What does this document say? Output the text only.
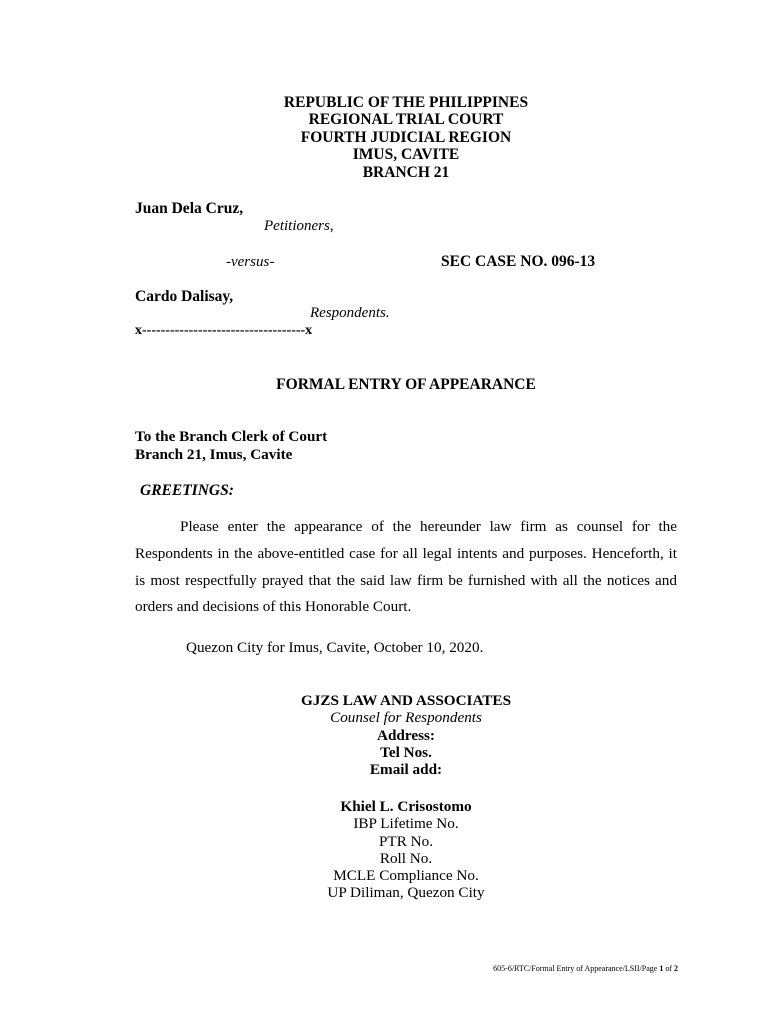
REPUBLIC OF THE PHILIPPINES
REGIONAL TRIAL COURT
FOURTH JUDICIAL REGION
IMUS, CAVITE
BRANCH 21
Juan Dela Cruz,
Petitioners,
-versus-	SEC CASE NO. 096-13
Cardo Dalisay,
Respondents.
x-----------------------------------x
FORMAL ENTRY OF APPEARANCE
To the Branch Clerk of Court
Branch 21, Imus, Cavite
GREETINGS:
Please enter the appearance of the hereunder law firm as counsel for the Respondents in the above-entitled case for all legal intents and purposes. Henceforth, it is most respectfully prayed that the said law firm be furnished with all the notices and orders and decisions of this Honorable Court.
Quezon City for Imus, Cavite, October 10, 2020.
GJZS LAW AND ASSOCIATES
Counsel for Respondents
Address:
Tel Nos.
Email add:
Khiel L. Crisostomo
IBP Lifetime No.
PTR No.
Roll No.
MCLE Compliance No.
UP Diliman, Quezon City
605-6/RTC/Formal Entry of Appearance/LSII/Page 1 of 2
